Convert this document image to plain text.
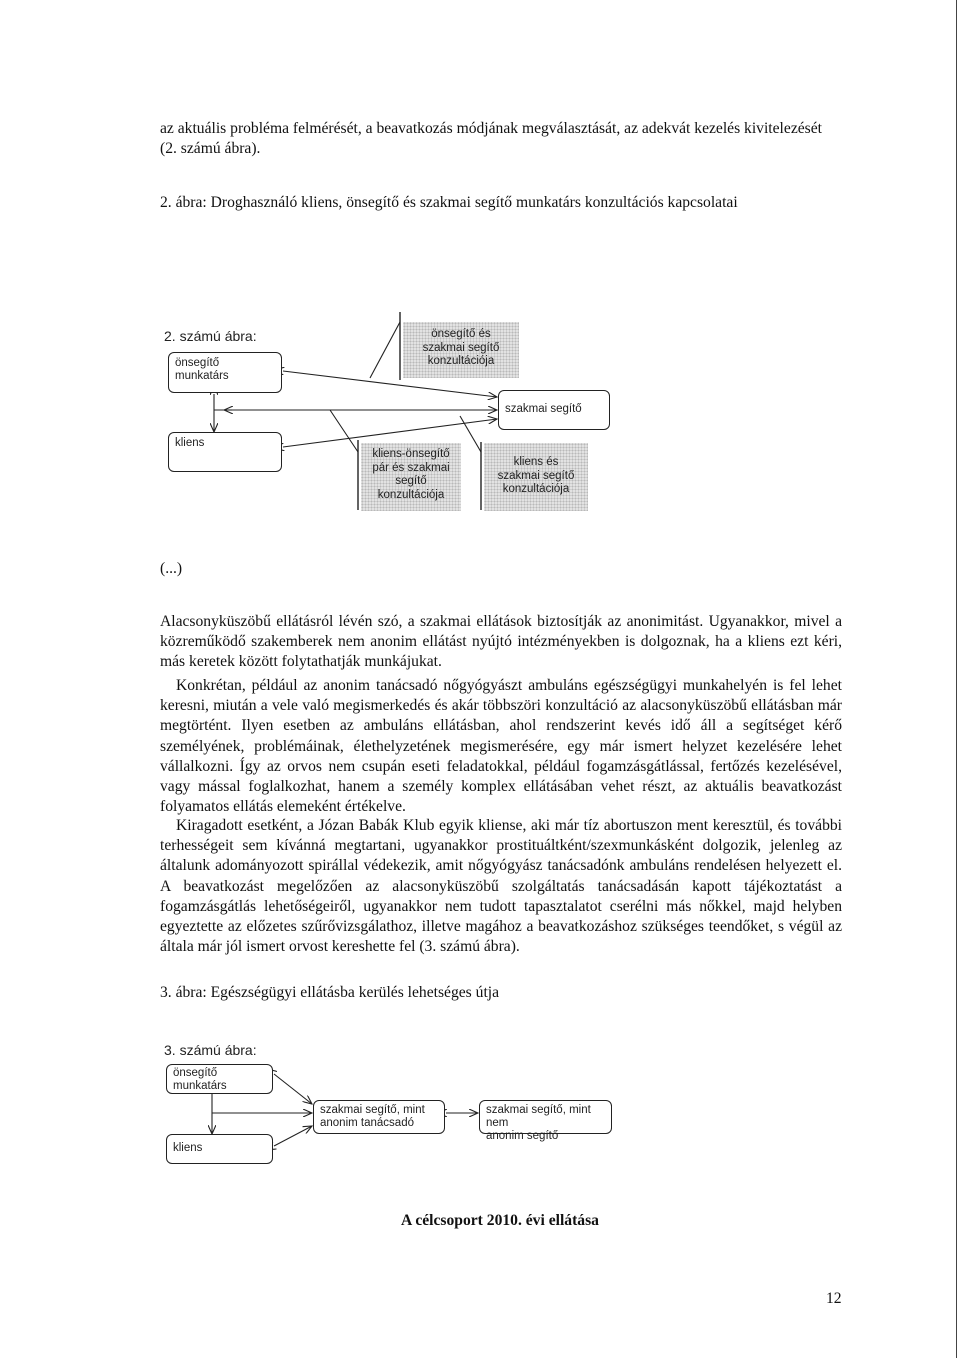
az aktuális probléma felmérését, a beavatkozás módjának megválasztását, az adekvát kezelés kivitelezését
(2. számú ábra).
2. ábra: Droghasználó kliens, önsegítő és szakmai segítő munkatárs konzultációs kapcsolatai
2. számú ábra:
önsegítő
munkatárs
szakmai segítő
kliens
önsegítő és
szakmai segítő
konzultációja
kliens-önsegítő
pár és szakmai
segítő
konzultációja
kliens és
szakmai segítő
konzultációja
(...)

Alacsonyküszöbű ellátásról lévén szó, a szakmai ellátások biztosítják az anonimitást. Ugyanakkor, mivel a közreműködő szakemberek nem anonim ellátást nyújtó intézményekben is dolgoznak, ha a kliens ezt kéri, más keretek között folytathatják munkájukat.

Konkrétan, például az anonim tanácsadó nőgyógyászt ambuláns egészségügyi munkahelyén is fel lehet keresni, miután a vele való megismerkedés és akár többszöri konzultáció az alacsonyküszöbű ellátásban már megtörtént. Ilyen esetben az ambuláns ellátásban, ahol rendszerint kevés idő áll a segítséget kérő személyének, problémáinak, élethelyzetének megismerésére, egy már ismert helyzet kezelésére lehet vállalkozni. Így az orvos nem csupán eseti feladatokkal, például fogamzásgátlással, fertőzés kezelésével, vagy mással foglalkozhat, hanem a személy komplex ellátásában vehet részt, az aktuális beavatkozást folyamatos ellátás elemeként értékelve.

Kiragadott esetként, a Józan Babák Klub egyik kliense, aki már tíz abortuszon ment keresztül, és további terhességeit sem kívánná megtartani, ugyanakkor prostituáltként/szexmunkásként dolgozik, jelenleg az általunk adományozott spirállal védekezik, amit nőgyógyász tanácsadónk ambuláns rendelésen helyezett el. A beavatkozást megelőzően az alacsonyküszöbű szolgáltatás tanácsadásán kapott tájékoztatást a fogamzásgátlás lehetőségeiről, ugyanakkor nem tudott tapasztalatot cserélni más nőkkel, majd helyben egyeztette az előzetes szűrővizsgálathoz, illetve magához a beavatkozáshoz szükséges teendőket, s végül az általa már jól ismert orvost kereshette fel (3. számú ábra).

3. ábra: Egészségügyi ellátásba kerülés lehetséges útja
3. számú ábra:
önsegítő
munkatárs
szakmai segítő, mint
anonim tanácsadó
szakmai segítő, mint nem
anonim segítő
kliens
A célcsoport 2010. évi ellátása
12
